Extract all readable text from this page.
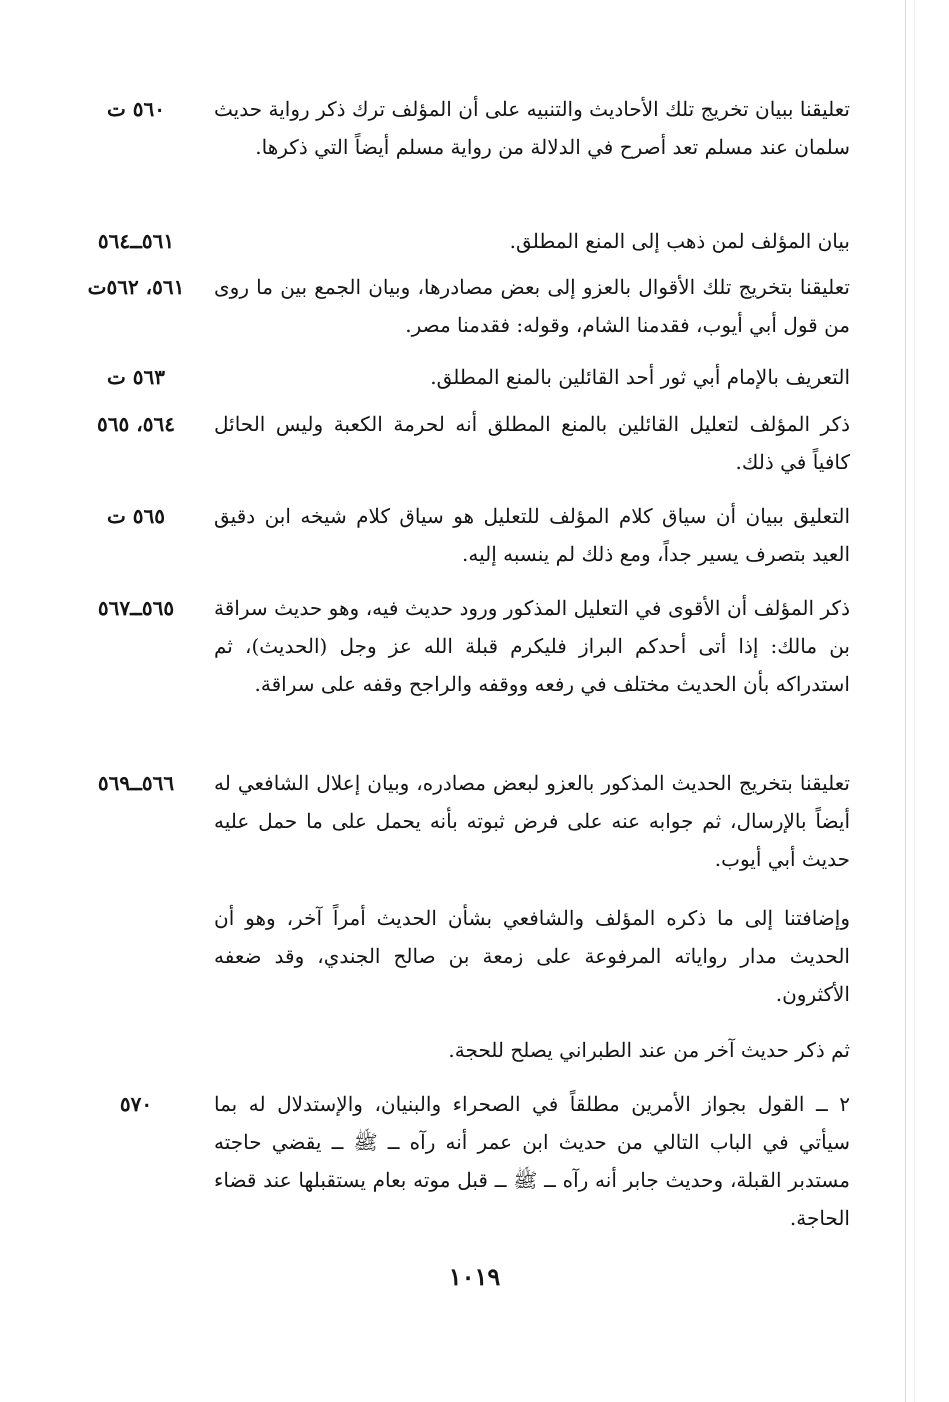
تعليقنا ببيان تخريج تلك الأحاديث والتنبيه على أن المؤلف ترك ذكر رواية حديث سلمان عند مسلم تعد أصرح في الدلالة من رواية مسلم أيضاً التي ذكرها.
٥٦٠ ت
بيان المؤلف لمن ذهب إلى المنع المطلق.
٥٦١ــ٥٦٤
تعليقنا بتخريج تلك الأقوال بالعزو إلى بعض مصادرها، وبيان الجمع بين ما روى من قول أبي أيوب، فقدمنا الشام، وقوله: فقدمنا مصر.
٥٦١، ٥٦٢ت
التعريف بالإمام أبي ثور أحد القائلين بالمنع المطلق.
٥٦٣ ت
ذكر المؤلف لتعليل القائلين بالمنع المطلق أنه لحرمة الكعبة وليس الحائل كافياً في ذلك.
٥٦٤، ٥٦٥
التعليق ببيان أن سياق كلام المؤلف للتعليل هو سياق كلام شيخه ابن دقيق العيد بتصرف يسير جداً، ومع ذلك لم ينسبه إليه.
٥٦٥ ت
ذكر المؤلف أن الأقوى في التعليل المذكور ورود حديث فيه، وهو حديث سراقة بن مالك: إذا أتى أحدكم البراز فليكرم قبلة الله عز وجل (الحديث)، ثم استدراكه بأن الحديث مختلف في رفعه ووقفه والراجح وقفه على سراقة.
٥٦٥ــ٥٦٧
تعليقنا بتخريج الحديث المذكور بالعزو لبعض مصادره، وبيان إعلال الشافعي له أيضاً بالإرسال، ثم جوابه عنه على فرض ثبوته بأنه يحمل على ما حمل عليه حديث أبي أيوب.
٥٦٦ــ٥٦٩
وإضافتنا إلى ما ذكره المؤلف والشافعي بشأن الحديث أمراً آخر، وهو أن الحديث مدار رواياته المرفوعة على زمعة بن صالح الجندي، وقد ضعفه الأكثرون.
ثم ذكر حديث آخر من عند الطبراني يصلح للحجة.
٢ ــ القول بجواز الأمرين مطلقاً في الصحراء والبنيان، والإستدلال له بما سيأتي في الباب التالي من حديث ابن عمر أنه رآه ــ ﷺ ــ يقضي حاجته مستدبر القبلة، وحديث جابر أنه رآه ــ ﷺ ــ قبل موته بعام يستقبلها عند قضاء الحاجة.
٥٧٠
١٠١٩
